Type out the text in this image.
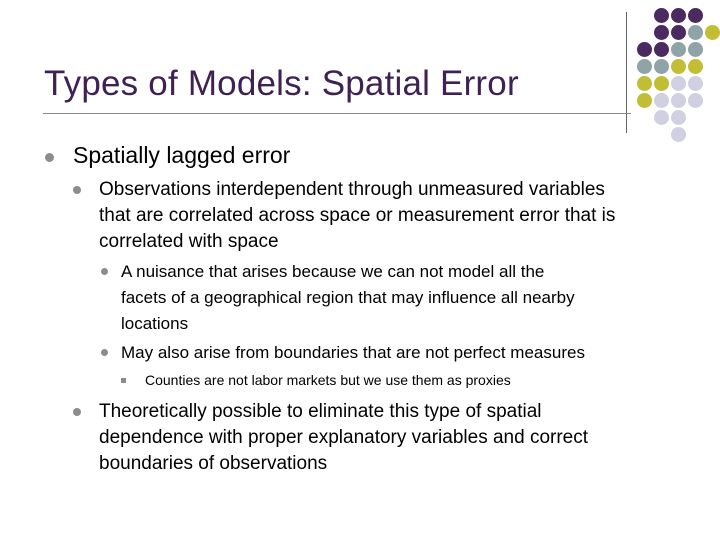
Types of Models: Spatial Error
Spatially lagged error
Observations interdependent through unmeasured variables
that are correlated across space or measurement error that is
correlated with space
A nuisance that arises because we can not model all the
facets of a geographical region that may influence all nearby
locations
May also arise from boundaries that are not perfect measures
Counties are not labor markets but we use them as proxies
Theoretically possible to eliminate this type of spatial
dependence with proper explanatory variables and correct
boundaries of observations
